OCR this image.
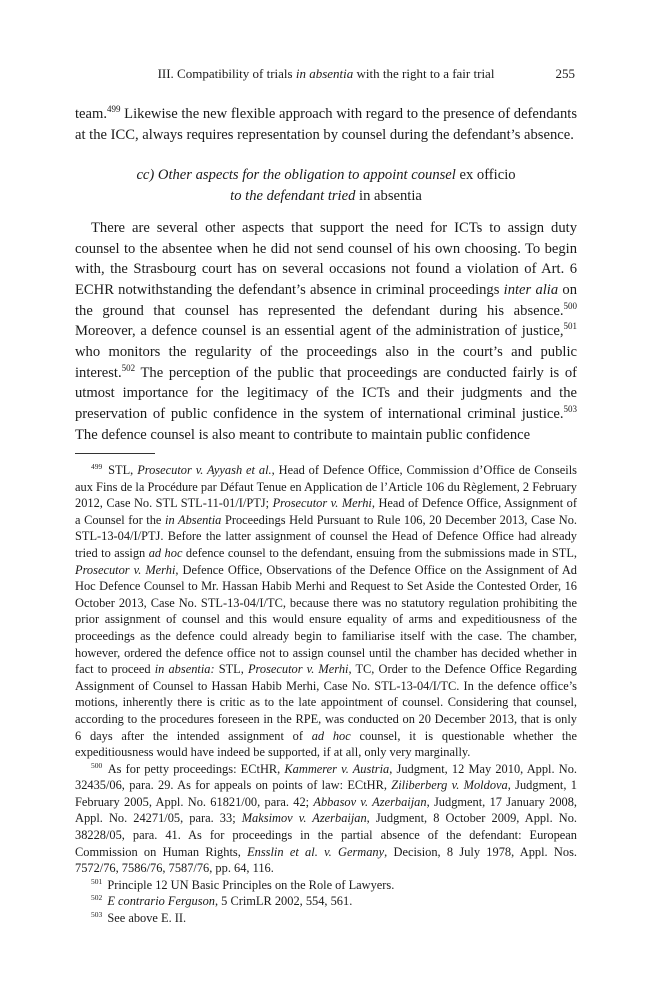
III. Compatibility of trials in absentia with the right to a fair trial	255

team.$^{499}$ Likewise the new flexible approach with regard to the presence of defendants at the ICC, always requires representation by counsel during the defendant’s absence.

cc) Other aspects for the obligation to appoint counsel ex officio
to the defendant tried in absentia

There are several other aspects that support the need for ICTs to assign duty counsel to the absentee when he did not send counsel of his own choosing. To begin with, the Strasbourg court has on several occasions not found a violation of Art. 6 ECHR notwithstanding the defendant’s absence in criminal proceedings inter alia on the ground that counsel has represented the defendant during his absence.$^{500}$ Moreover, a defence counsel is an essential agent of the administration of justice,$^{501}$ who monitors the regularity of the proceedings also in the court’s and public interest.$^{502}$ The perception of the public that proceedings are conducted fairly is of utmost importance for the legitimacy of the ICTs and their judgments and the preservation of public confidence in the system of international criminal justice.$^{503}$ The defence counsel is also meant to contribute to maintain public confidence

$^{499}$ STL, Prosecutor v. Ayyash et al., Head of Defence Office, Commission d’Office de Conseils aux Fins de la Procédure par Défaut Tenue en Application de l’Article 106 du Règlement, 2 February 2012, Case No. STL STL-11-01/I/PTJ; Prosecutor v. Merhi, Head of Defence Office, Assignment of a Counsel for the in Absentia Proceedings Held Pursuant to Rule 106, 20 December 2013, Case No. STL-13-04/I/PTJ. Before the latter assignment of counsel the Head of Defence Office had already tried to assign ad hoc defence counsel to the defendant, ensuing from the submissions made in STL, Prosecutor v. Merhi, Defence Office, Observations of the Defence Office on the Assignment of Ad Hoc Defence Counsel to Mr. Hassan Habib Merhi and Request to Set Aside the Contested Order, 16 October 2013, Case No. STL-13-04/I/TC, because there was no statutory regulation prohibiting the prior assignment of counsel and this would ensure equality of arms and expeditiousness of the proceedings as the defence could already begin to familiarise itself with the case. The chamber, however, ordered the defence office not to assign counsel until the chamber has decided whether in fact to proceed in absentia: STL, Prosecutor v. Merhi, TC, Order to the Defence Office Regarding Assignment of Counsel to Hassan Habib Merhi, Case No. STL-13-04/I/TC. In the defence office’s motions, inherently there is critic as to the late appointment of counsel. Considering that counsel, according to the procedures foreseen in the RPE, was conducted on 20 December 2013, that is only 6 days after the intended assignment of ad hoc counsel, it is questionable whether the expeditiousness would have indeed be supported, if at all, only very marginally.

$^{500}$ As for petty proceedings: ECtHR, Kammerer v. Austria, Judgment, 12 May 2010, Appl. No. 32435/06, para. 29. As for appeals on points of law: ECtHR, Ziliberberg v. Moldova, Judgment, 1 February 2005, Appl. No. 61821/00, para. 42; Abbasov v. Azerbaijan, Judgment, 17 January 2008, Appl. No. 24271/05, para. 33; Maksimov v. Azerbaijan, Judgment, 8 October 2009, Appl. No. 38228/05, para. 41. As for proceedings in the partial absence of the defendant: European Commission on Human Rights, Ensslin et al. v. Germany, Decision, 8 July 1978, Appl. Nos. 7572/76, 7586/76, 7587/76, pp. 64, 116.

$^{501}$ Principle 12 UN Basic Principles on the Role of Lawyers.

$^{502}$ E contrario Ferguson, 5 CrimLR 2002, 554, 561.

$^{503}$ See above E. II.
